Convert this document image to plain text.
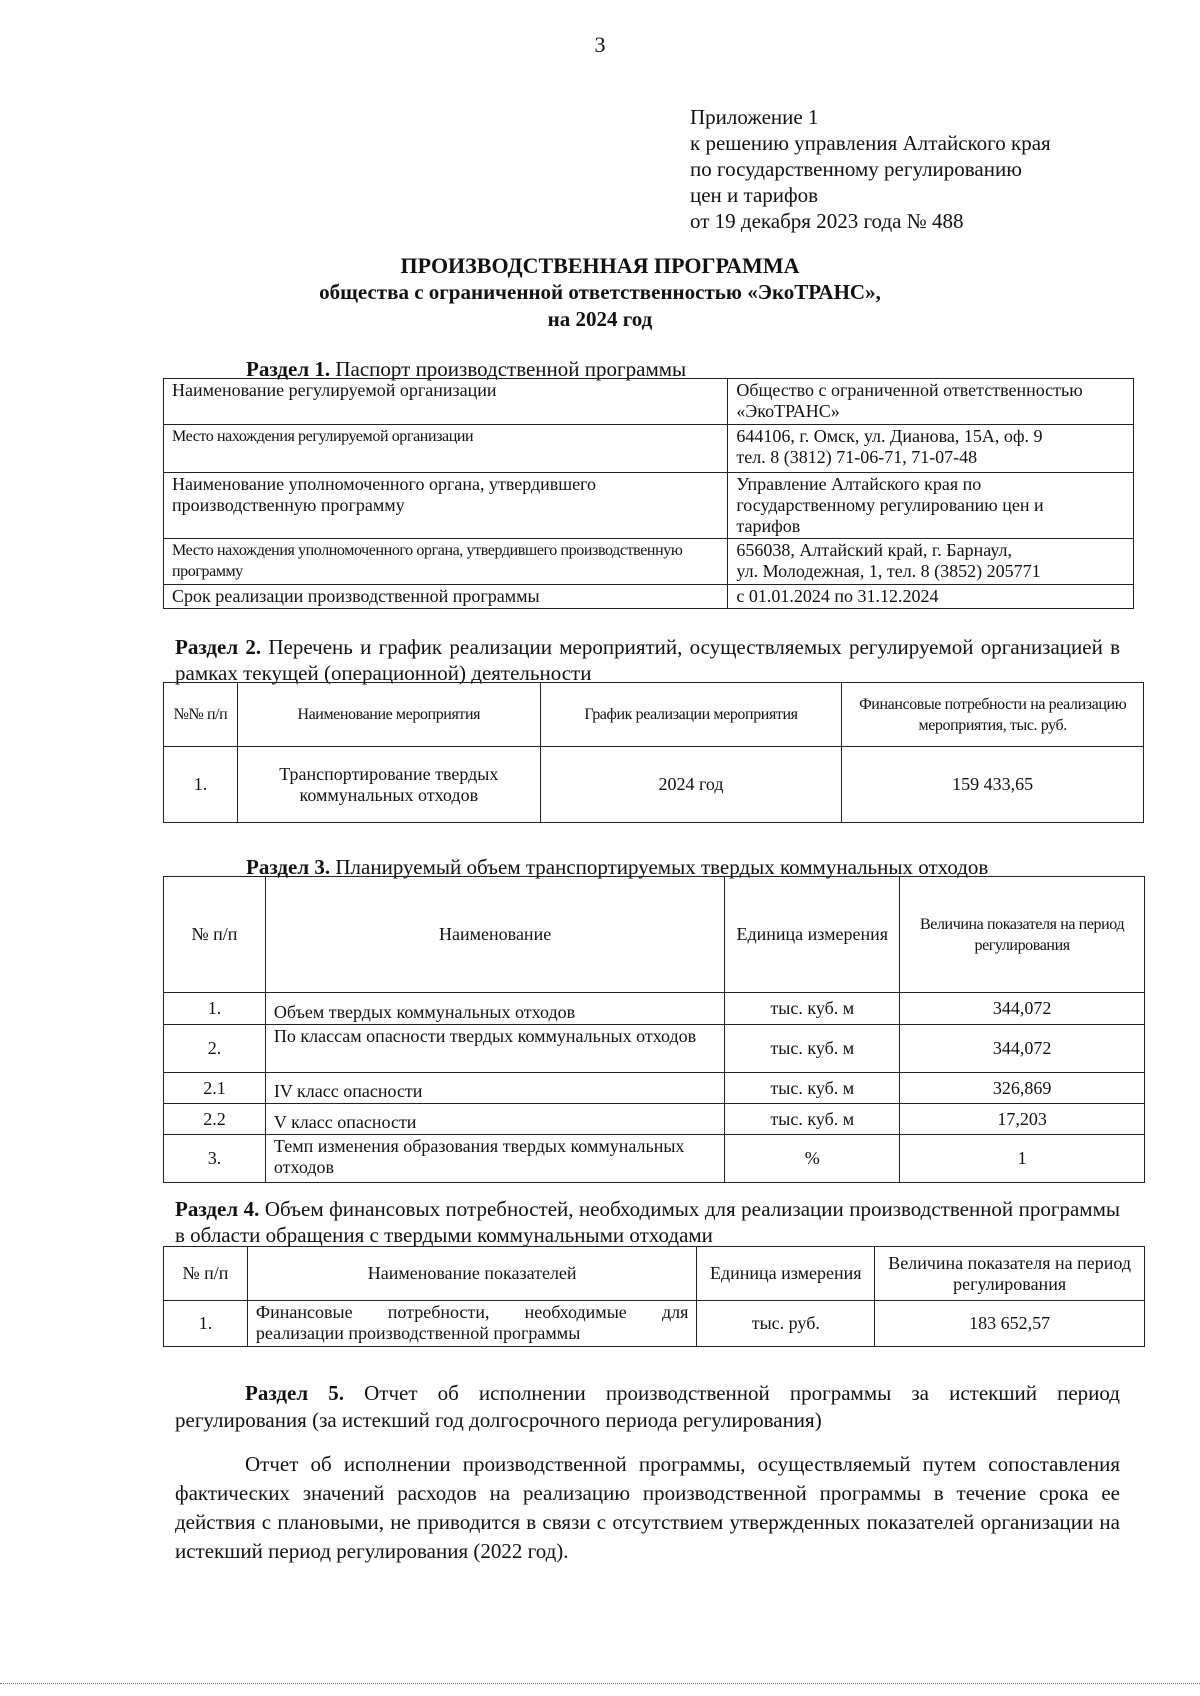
3
Приложение 1
к решению управления Алтайского края
по государственному регулированию
цен и тарифов
от 19 декабря 2023 года № 488
ПРОИЗВОДСТВЕННАЯ ПРОГРАММА
общества с ограниченной ответственностью «ЭкоТРАНС»,
на 2024 год
Раздел 1. Паспорт производственной программы
Наименование регулируемой организации	Общество с ограниченной ответственностью
«ЭкоТРАНС»

Место нахождения регулируемой организации	644106, г. Омск, ул. Дианова, 15А, оф. 9
тел. 8 (3812) 71-06-71, 71-07-48

Наименование уполномоченного органа, утвердившего производственную программу	Управление Алтайского края по
государственному регулированию цен и
тарифов

Место нахождения уполномоченного органа, утвердившего производственную программу	656038, Алтайский край, г. Барнаул,
ул. Молодежная, 1, тел. 8 (3852) 205771

Срок реализации производственной программы	с 01.01.2024 по 31.12.2024
Раздел 2. Перечень и график реализации мероприятий, осуществляемых регулируемой организацией в рамках текущей (операционной) деятельности
№№ п/п	Наименование мероприятия	График реализации мероприятия	Финансовые потребности на реализацию мероприятия, тыс. руб.
1.	Транспортирование твердых коммунальных отходов	2024 год	159 433,65
Раздел 3. Планируемый объем транспортируемых твердых коммунальных отходов
№ п/п	Наименование	Единица измерения	Величина показателя на период регулирования
1.	Объем твердых коммунальных отходов	тыс. куб. м	344,072
2.	По классам опасности твердых коммунальных отходов	тыс. куб. м	344,072
2.1	IV класс опасности	тыс. куб. м	326,869
2.2	V класс опасности	тыс. куб. м	17,203
3.	Темп изменения образования твердых коммунальных отходов	%	1
Раздел 4. Объем финансовых потребностей, необходимых для реализации производственной программы в области обращения с твердыми коммунальными отходами
№ п/п	Наименование показателей	Единица измерения	Величина показателя на период регулирования
1.	Финансовые потребности, необходимые для реализации производственной программы	тыс. руб.	183 652,57
Раздел 5. Отчет об исполнении производственной программы за истекший период регулирования (за истекший год долгосрочного периода регулирования)
Отчет об исполнении производственной программы, осуществляемый путем сопоставления фактических значений расходов на реализацию производственной программы в течение срока ее действия с плановыми, не приводится в связи с отсутствием утвержденных показателей организации на истекший период регулирования (2022 год).
